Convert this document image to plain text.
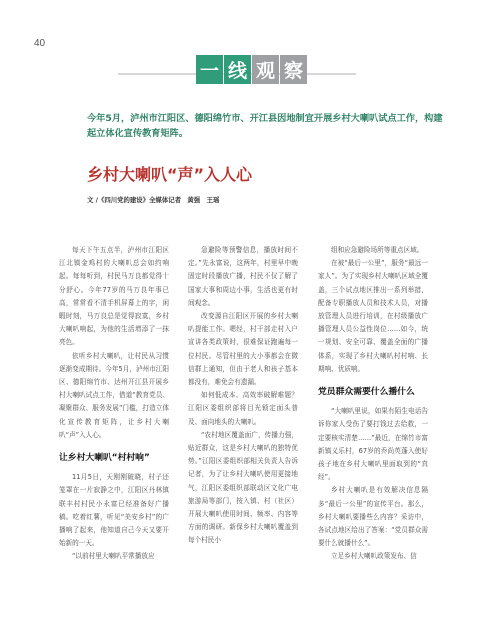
40
一 线 观 察
今年5月，泸州市江阳区、德阳绵竹市、开江县因地制宜开展乡村大喇叭试点工作，构建起立体化宣传教育矩阵。
乡村大喇叭“声”入人心
文 /《四川党的建设》全媒体记者　黄强　王瑶

每天下午五点半，泸州市江阳区江北镇金鸡村的大喇叭总会如约响起。每每听到，村民马万良都觉得十分舒心。今年77岁的马万良年事已高，常常看不清手机屏幕上的字，闲暇时刻，马万良总是觉得寂寞，乡村大喇叭响起，为他的生活增添了一抹亮色。

依听乡村大喇叭，让村民从习惯逐渐变成期待。今年5月，泸州市江阳区、德阳绵竹市、达州开江县开展乡村大喇叭试点工作，借道“教育党员、凝聚群众、服务发展”门槛，打造立体化宣传教育矩阵，让乡村大喇叭“声”入人心。

让乡村大喇叭“村村响”

11月5日，天刚刚破晓，村子还笼罩在一片寂静之中，江阳区丹林镇联丰村村民小永富已经准备好广播稿。吃着红薯，听见“美安乡村”的广播响了起来，他知道自己今天又要开始新的一天。

“以前村里大喇叭平常播放应

急避险等预警信息，播放时间不定。”先永富说，这两年，村里早中晚固定时段播放广播，村民不仅了解了国家大事和周边小事，生活也更有时间观念。

改变源自江阳区开展的乡村大喇叭提能工作。嗯经，村干部走村入户宣讲各类政策时，很难保证跑遍每一位村民。尽管村里的大小事都会在微信群上通知，但由于老人和孩子基本都没有，难免会有遗漏。

如何低成本、高效率破解难题？江阳区委组织部将目光锁定面头普及、面向地头的大喇叭。

“农村地区覆盖面广，传播力强，贴近群众，这是乡村大喇叭的独特优势。”江阳区委组织部相关负责人告诉记者，为了让乡村大喇叭使用更接地气，江阳区委组织部联动区文化广电旅游局等部门，按入镇、村（社区）开展大喇叭使用时间、频率、内容等方面的调研。新保乡村大喇叭覆盖到每个村民小

组和应急避险场所等重点区域。

在被“最后一公里”，服务“最远一家人”。为了实现乡村大喇叭区域全覆盖，三个试点地区推出一系列举措，配备专职播放人员和技术人员，对播放管理人员进行培训，在村级播放广播管理人员公益性岗位……如今，统一规划、安全可靠、覆盖全面的广播体系，实现了乡村大喇叭村村响、长期响、优质响。

党员群众需要什么播什么

“大喇叭里说，如果有陌生电话告诉你家人受伤了要打钱过去给救，一定要核实清楚……”最近，在绵竹市富新镇义乐村，67岁的乔尚英蓬入使好孩子地在乡村大喇叭里面取到的“真经”。

乡村大喇叭是有效解决信息隔多“最后一公里”的宣传平台。那么，乡村大喇叭要播些么内容？采访中，各试点地区给出了答案：“党员群众需要什么就播什么”。

立足乡村大喇叭政策发布、信
